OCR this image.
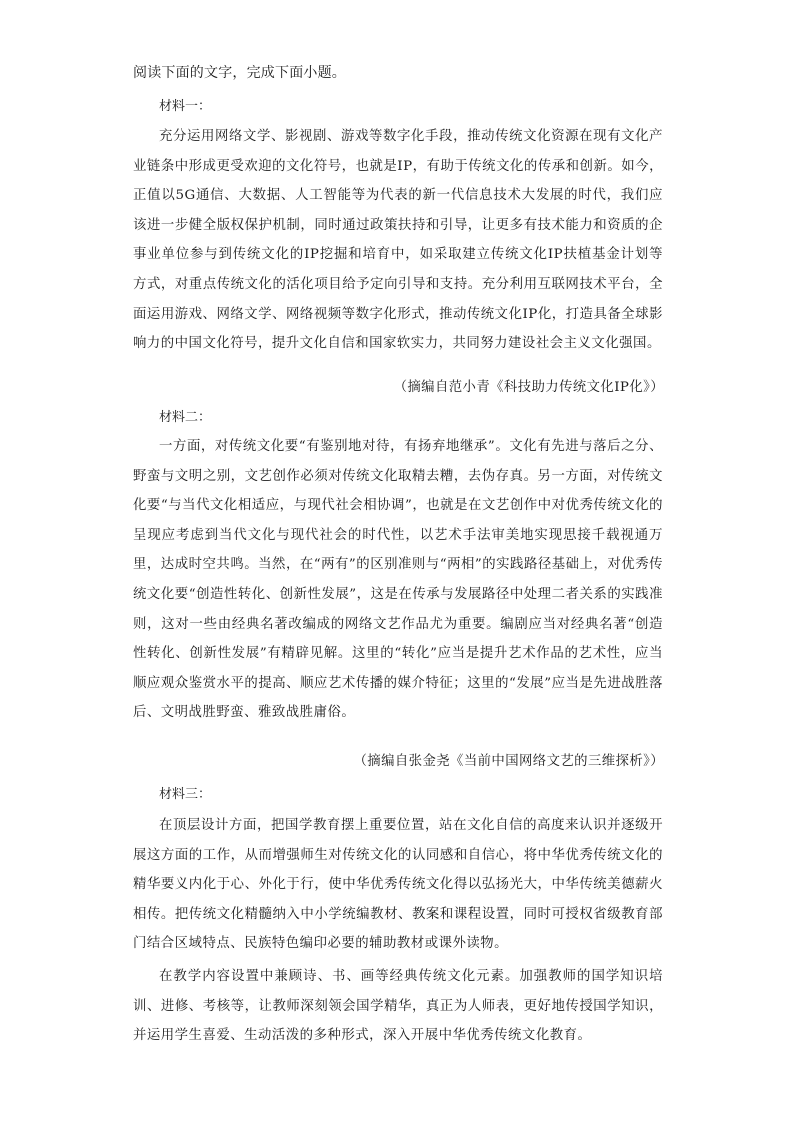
阅读下面的文字，完成下面小题。
材料一：

充分运用网络文学、影视剧、游戏等数字化手段，推动传统文化资源在现有文化产业链条中形成更受欢迎的文化符号，也就是IP，有助于传统文化的传承和创新。如今，正值以5G通信、大数据、人工智能等为代表的新一代信息技术大发展的时代，我们应该进一步健全版权保护机制，同时通过政策扶持和引导，让更多有技术能力和资质的企事业单位参与到传统文化的IP挖掘和培育中，如采取建立传统文化IP扶植基金计划等方式，对重点传统文化的活化项目给予定向引导和支持。充分利用互联网技术平台，全面运用游戏、网络文学、网络视频等数字化形式，推动传统文化IP化，打造具备全球影响力的中国文化符号，提升文化自信和国家软实力，共同努力建设社会主义文化强国。

（摘编自范小青《科技助力传统文化IP化》）
材料二：

一方面，对传统文化要“有鉴别地对待，有扬弃地继承”。文化有先进与落后之分、野蛮与文明之别，文艺创作必须对传统文化取精去糟，去伪存真。另一方面，对传统文化要“与当代文化相适应，与现代社会相协调”，也就是在文艺创作中对优秀传统文化的呈现应考虑到当代文化与现代社会的时代性，以艺术手法审美地实现思接千载视通万里，达成时空共鸣。当然，在“两有”的区别准则与“两相”的实践路径基础上，对优秀传统文化要“创造性转化、创新性发展”，这是在传承与发展路径中处理二者关系的实践准则，这对一些由经典名著改编成的网络文艺作品尤为重要。编剧应当对经典名著“创造性转化、创新性发展”有精辟见解。这里的“转化”应当是提升艺术作品的艺术性，应当顺应观众鉴赏水平的提高、顺应艺术传播的媒介特征；这里的“发展”应当是先进战胜落后、文明战胜野蛮、雅致战胜庸俗。

（摘编自张金尧《当前中国网络文艺的三维探析》）
材料三：

在顶层设计方面，把国学教育摆上重要位置，站在文化自信的高度来认识并逐级开展这方面的工作，从而增强师生对传统文化的认同感和自信心，将中华优秀传统文化的精华要义内化于心、外化于行，使中华优秀传统文化得以弘扬光大，中华传统美德薪火相传。把传统文化精髓纳入中小学统编教材、教案和课程设置，同时可授权省级教育部门结合区域特点、民族特色编印必要的辅助教材或课外读物。

在教学内容设置中兼顾诗、书、画等经典传统文化元素。加强教师的国学知识培训、进修、考核等，让教师深刻领会国学精华，真正为人师表，更好地传授国学知识，并运用学生喜爱、生动活泼的多种形式，深入开展中华优秀传统文化教育。
